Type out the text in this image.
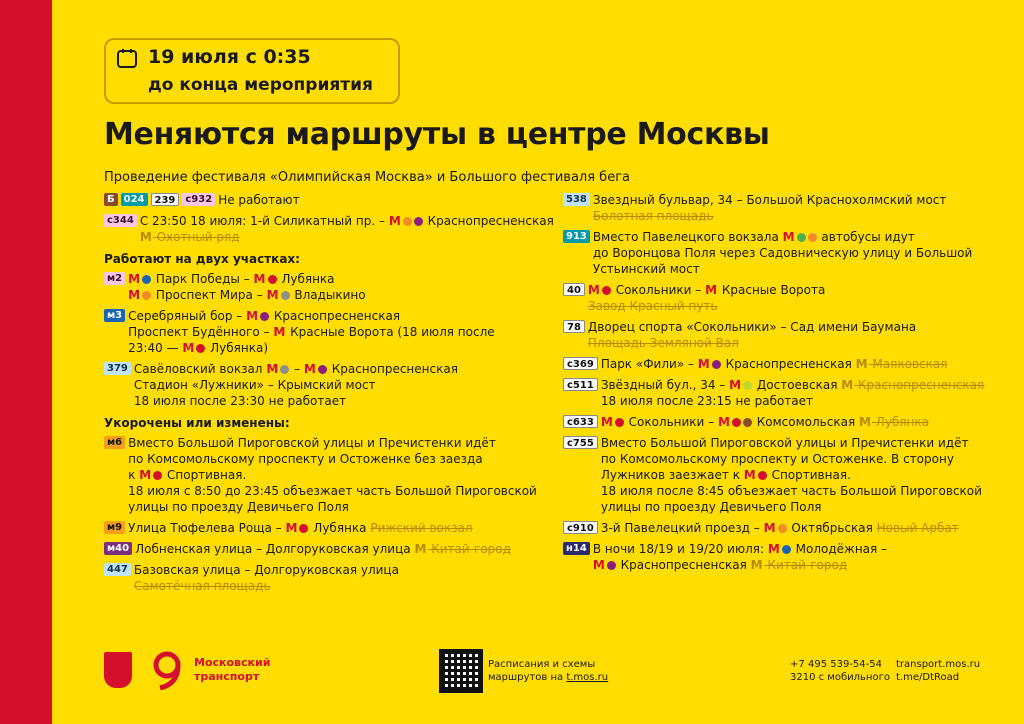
19 июля с 0:35
до конца мероприятия
Меняются маршруты в центре Москвы
Проведение фестиваля «Олимпийская Москва» и Большого фестиваля бега
Б 024	239	с932 Не работают
с344 С 23:50 18 июля: 1-й Силикатный пр. – М Краснопресненская
М Охотный ряд
Работают на двух участках:
м2 М Парк Победы – М Лубянка
М Проспект Мира – М Владыкино
м3 Серебряный бор – М Краснопресненская
Проспект Будённого – М Красные Ворота (18 июля после
23:40 — М Лубянка)
379 Савёловский вокзал М – М Краснопресненская
Стадион «Лужники» – Крымский мост
18 июля после 23:30 не работает
Укорочены или изменены:
м6 Вместо Большой Пироговской улицы и Пречистенки идёт
по Комсомольскому проспекту и Остоженке без заезда
к М Спортивная.
18 июля с 8:50 до 23:45 объезжает часть Большой Пироговской
улицы по проезду Девичьего Поля
м9 Улица Тюфелева Роща – М Лубянка Рижский вокзал
м40 Лобненская улица – Долгоруковская улица М Китай-город
447 Базовская улица – Долгоруковская улица
Самотёчная площадь
538 Звездный бульвар, 34 – Большой Краснохолмский мост
Болотная площадь
913 Вместо Павелецкого вокзала М автобусы идут
до Воронцова Поля через Садовническую улицу и Большой
Устьинский мост
40 М Сокольники – М Красные Ворота
Завод Красный путь
78 Дворец спорта «Сокольники» – Сад имени Баумана
Площадь Земляной Вал
с369 Парк «Фили» – М Краснопресненская М Маяковская
с511 Звёздный бул., 34 – М Достоевская М Краснопресненская
18 июля после 23:15 не работает
с633 М Сокольники – М Комсомольская М Лубянка
с755 Вместо Большой Пироговской улицы и Пречистенки идёт
по Комсомольскому проспекту и Остоженке. В сторону
Лужников заезжает к М Спортивная.
18 июля после 8:45 объезжает часть Большой Пироговской
улицы по проезду Девичьего Поля
с910 3-й Павелецкий проезд – М Октябрьская Новый Арбат
н14 В ночи 18/19 и 19/20 июля: М Молодёжная –
М Краснопресненская М Китай-город
Московский
транспорт
Расписания и схемы
маршрутов на t.mos.ru
+7 495 539-54-54
3210 с мобильного
transport.mos.ru
t.me/DtRoad
